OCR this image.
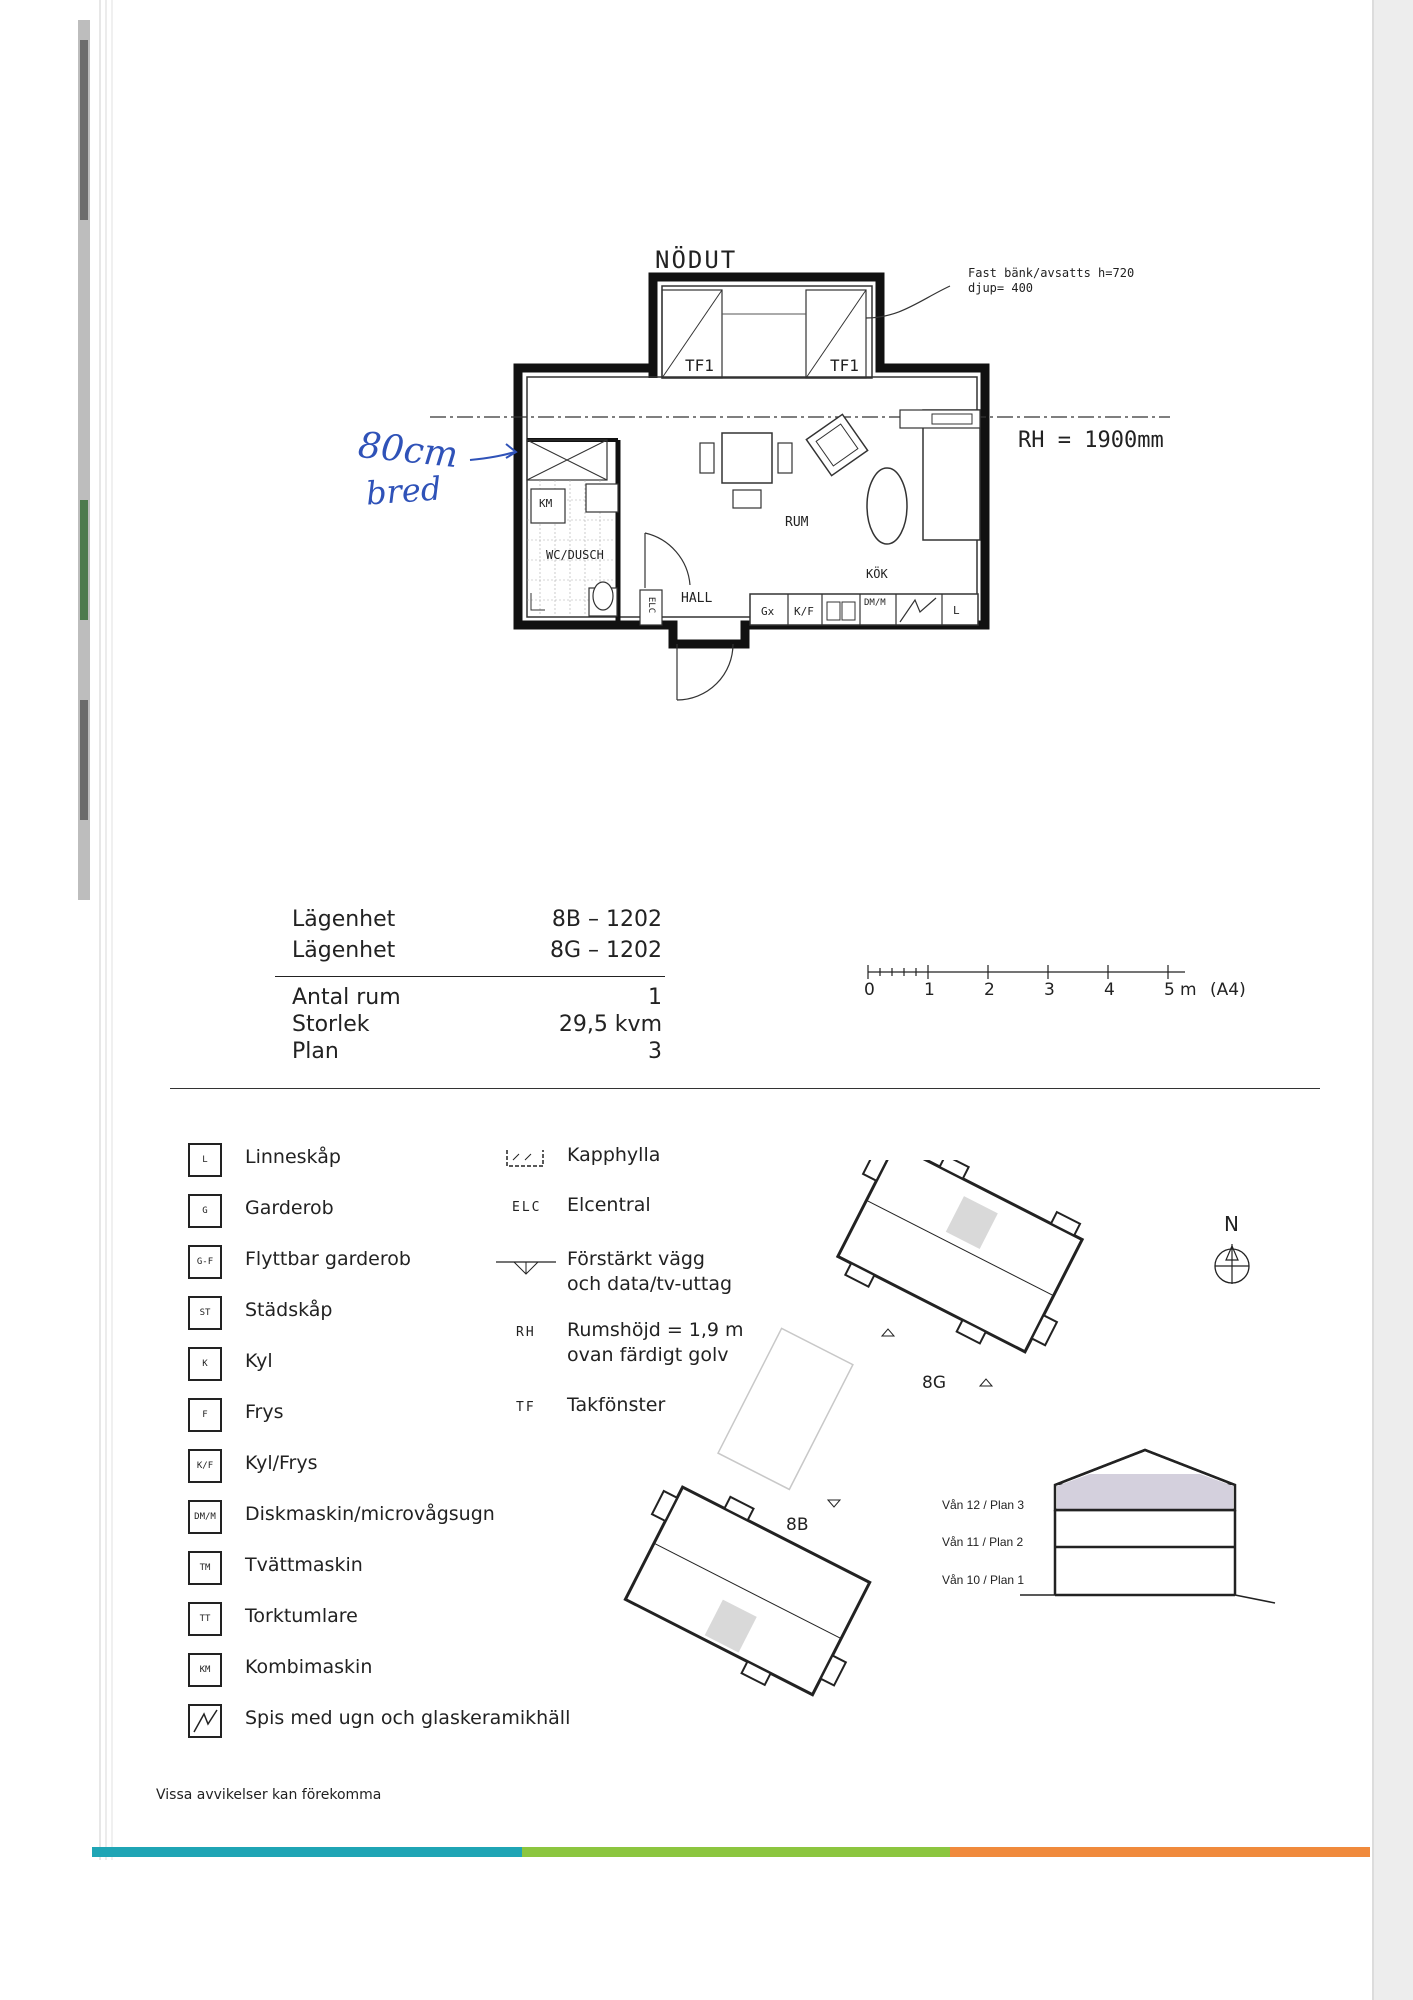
NÖDUT
TF1	TF1
Fast bänk/avsatts h=720
djup= 400
RH = 1900mm
80cm
bred
RUM
KÖK
HALL
WC/DUSCH
KM
ELC	Gx K/F
DM/M
L
Lägenhet	8B – 1202
Lägenhet	8G – 1202
Antal rum	1
Storlek	29,5 kvm
Plan	3
0	1	2	3	4	5 m (A4)
L	Linneskåp
G	Garderob
G-F	Flyttbar garderob
ST	Städskåp
K	Kyl
F	Frys
K/F	Kyl/Frys
DM/M	Diskmaskin/microvågsugn
TM	Tvättmaskin
TT	Torktumlare
KM	Kombimaskin
Spis med ugn och glaskeramikhäll
Kapphylla
ELC Elcentral
Förstärkt vägg
och data/tv-uttag
RH Rumshöjd = 1,9 m
ovan färdigt golv
TF Takfönster
8G
8B
N
Vån 12 / Plan 3
Vån 11 / Plan 2
Vån 10 / Plan 1
Vissa avvikelser kan förekomma
